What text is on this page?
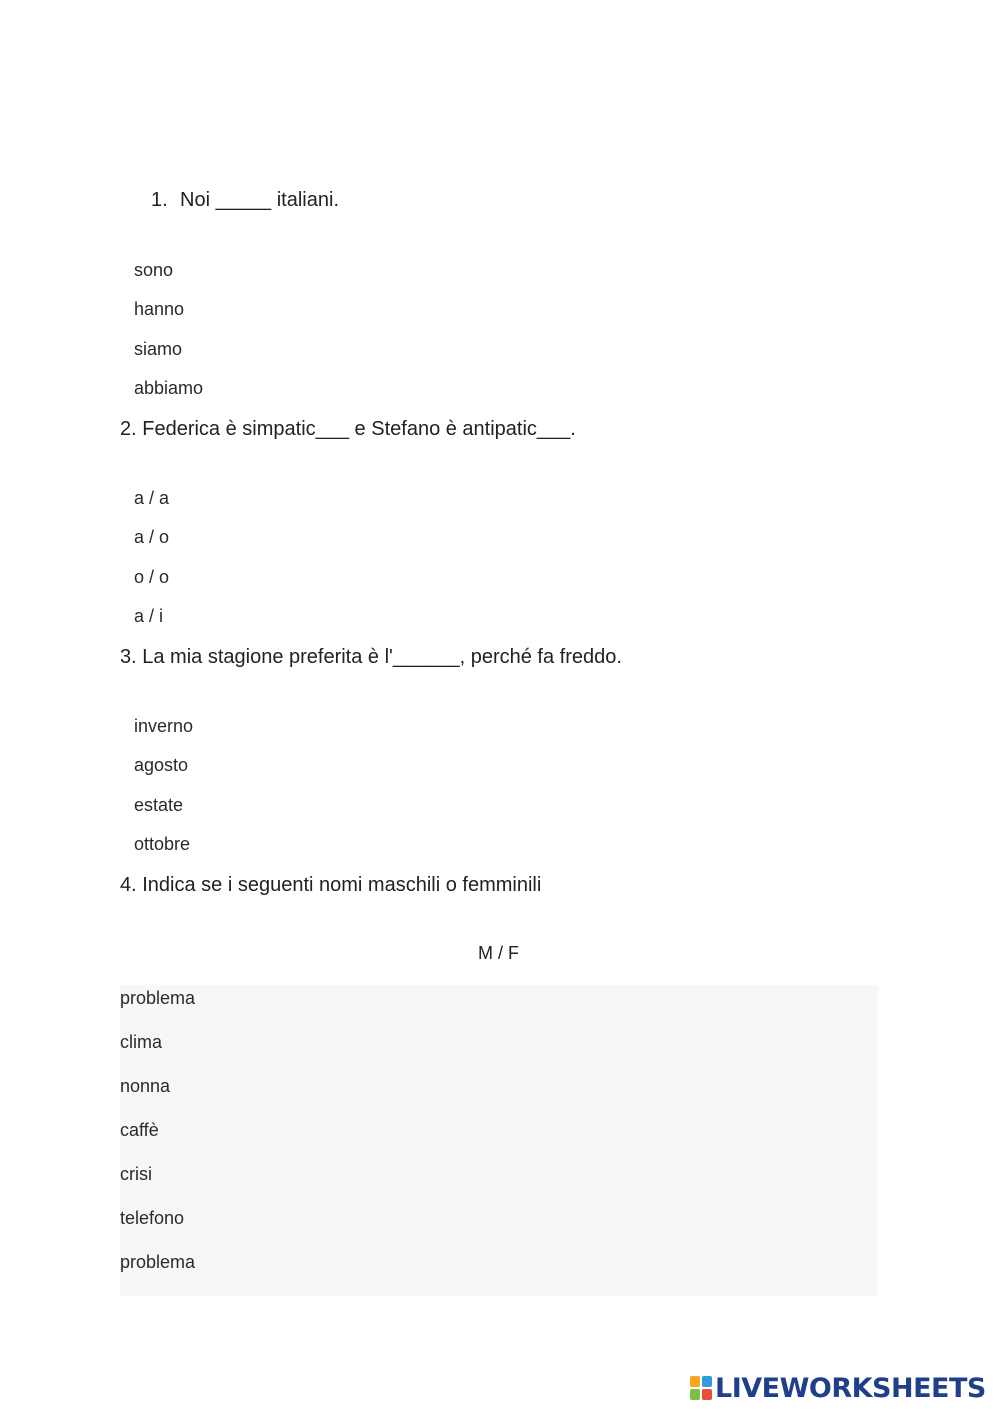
1. Noi _____ italiani.
sono
hanno
siamo
abbiamo
2. Federica è simpatic___ e Stefano è antipatic___.
a / a
a / o
o / o
a / i
3. La mia stagione preferita è l'______, perché fa freddo.
inverno
agosto
estate
ottobre
4. Indica se i seguenti nomi maschili o femminili
M / F
problema
clima
nonna
caffè
crisi
telefono
problema
LIVEWORKSHEETS
